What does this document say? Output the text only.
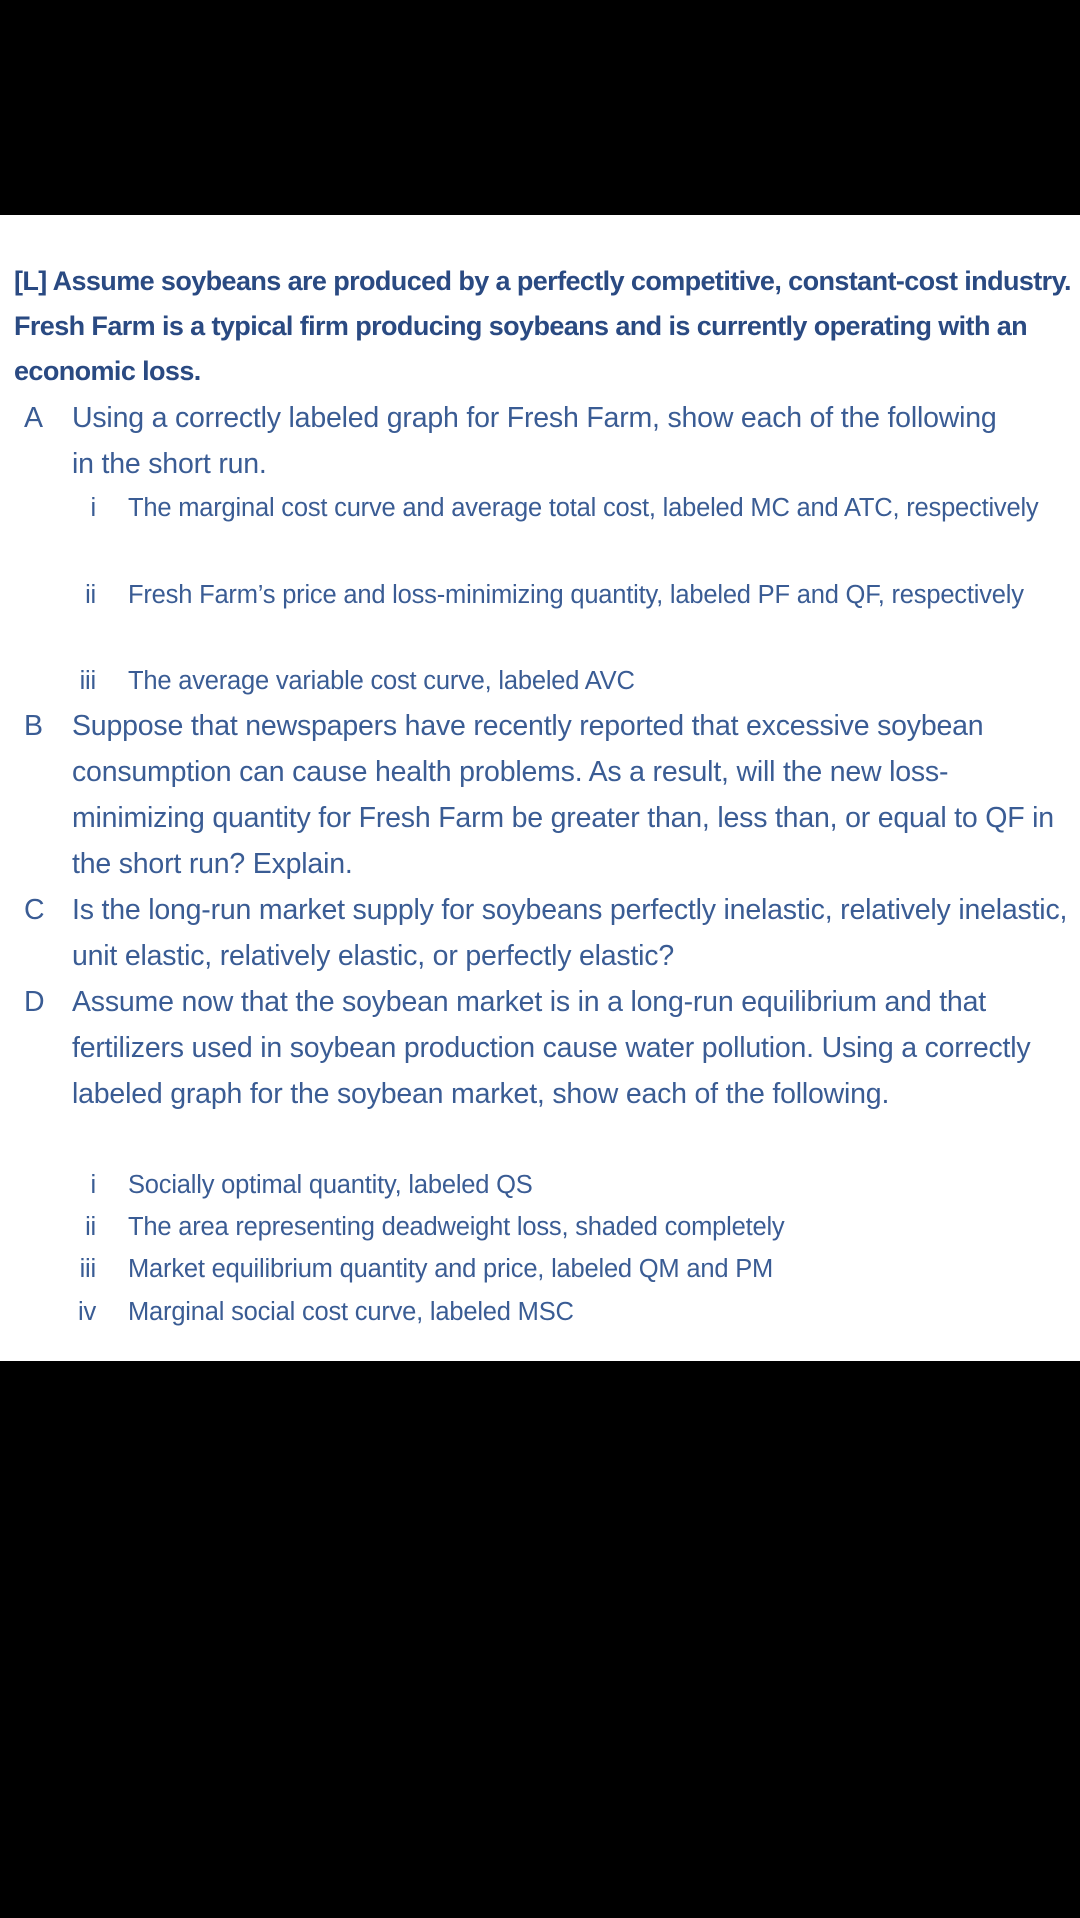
[L] Assume soybeans are produced by a perfectly competitive, constant-cost industry. Fresh Farm is a typical firm producing soybeans and is currently operating with an economic loss.
A	Using a correctly labeled graph for Fresh Farm, show each of the following in the short run.
i The marginal cost curve and average total cost, labeled MC and ATC, respectively
ii Fresh Farm’s price and loss-minimizing quantity, labeled PF and QF, respectively
iii The average variable cost curve, labeled AVC
B	Suppose that newspapers have recently reported that excessive soybean consumption can cause health problems. As a result, will the new loss-minimizing quantity for Fresh Farm be greater than, less than, or equal to QF in the short run? Explain.
C Is the long-run market supply for soybeans perfectly inelastic, relatively inelastic, unit elastic, relatively elastic, or perfectly elastic?
D Assume now that the soybean market is in a long-run equilibrium and that fertilizers used in soybean production cause water pollution. Using a correctly labeled graph for the soybean market, show each of the following.
i Socially optimal quantity, labeled QS
ii The area representing deadweight loss, shaded completely
iii Market equilibrium quantity and price, labeled QM and PM
iv Marginal social cost curve, labeled MSC
